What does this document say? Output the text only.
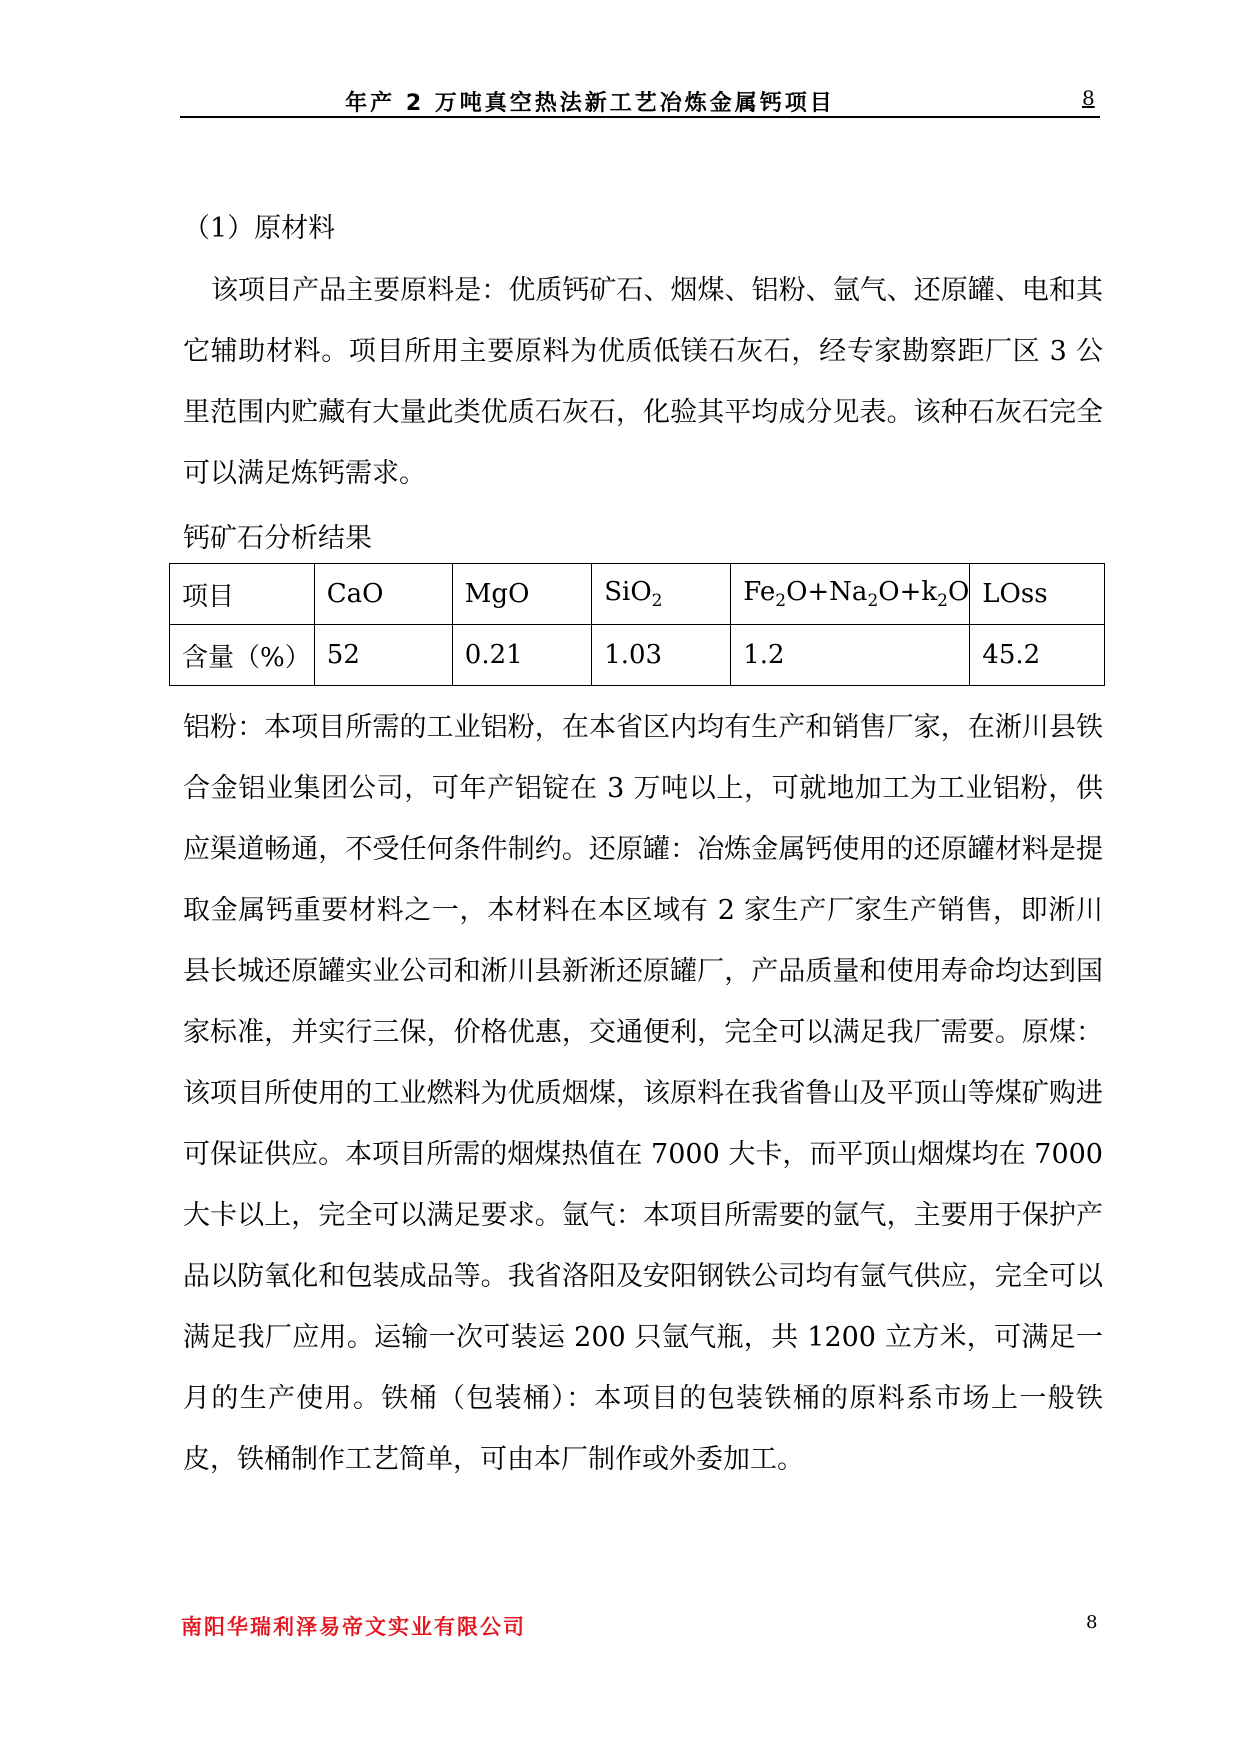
年产 2 万吨真空热法新工艺冶炼金属钙项目	8

（1）原材料

该项目产品主要原料是：优质钙矿石、烟煤、铝粉、氩气、还原罐、电和其它辅助材料。项目所用主要原料为优质低镁石灰石，经专家勘察距厂区 3 公里范围内贮藏有大量此类优质石灰石，化验其平均成分见表。该种石灰石完全可以满足炼钙需求。

钙矿石分析结果

项目	CaO	MgO	SiO$_2$	$Fe_2O+Na_2O+k_2O$	LOss
含量（%）	52	0.21	1.03	1.2	45.2

铝粉：本项目所需的工业铝粉，在本省区内均有生产和销售厂家，在淅川县铁合金铝业集团公司，可年产铝锭在 3 万吨以上，可就地加工为工业铝粉，供应渠道畅通，不受任何条件制约。还原罐：冶炼金属钙使用的还原罐材料是提取金属钙重要材料之一，本材料在本区域有 2 家生产厂家生产销售，即淅川县长城还原罐实业公司和淅川县新淅还原罐厂，产品质量和使用寿命均达到国家标准，并实行三保，价格优惠，交通便利，完全可以满足我厂需要。原煤：该项目所使用的工业燃料为优质烟煤，该原料在我省鲁山及平顶山等煤矿购进可保证供应。本项目所需的烟煤热值在 7000 大卡，而平顶山烟煤均在 7000 大卡以上，完全可以满足要求。氩气：本项目所需要的氩气，主要用于保护产品以防氧化和包装成品等。我省洛阳及安阳钢铁公司均有氩气供应，完全可以满足我厂应用。运输一次可装运 200 只氩气瓶，共 1200 立方米，可满足一月的生产使用。铁桶（包装桶）：本项目的包装铁桶的原料系市场上一般铁皮，铁桶制作工艺简单，可由本厂制作或外委加工。

南阳华瑞利泽易帝文实业有限公司	8
